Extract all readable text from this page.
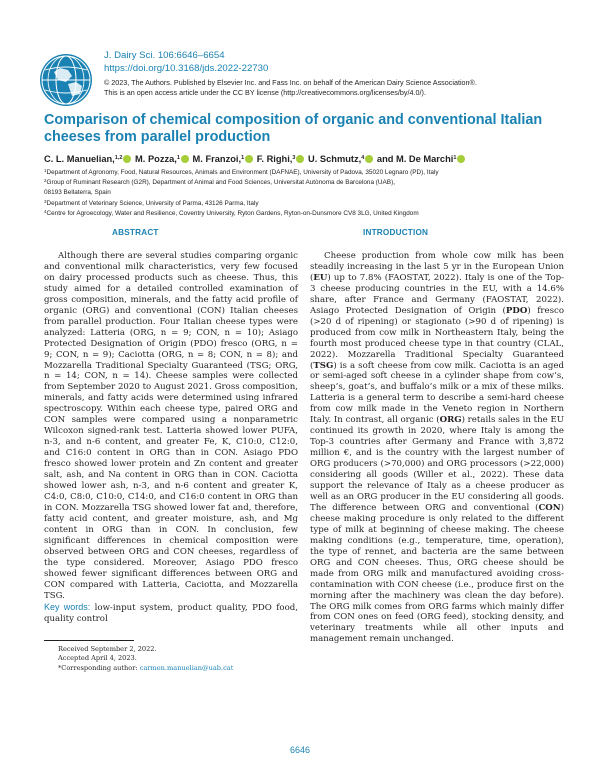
J. Dairy Sci. 106:6646–6654
https://doi.org/10.3168/jds.2022-22730
© 2023, The Authors. Published by Elsevier Inc. and Fass Inc. on behalf of the American Dairy Science Association®.
This is an open access article under the CC BY license (http://creativecommons.org/licenses/by/4.0/).
Comparison of chemical composition of organic and conventional Italian cheeses from parallel production
C. L. Manuelian,$^{1,2}$ M. Pozza,$^1$ M. Franzoi,$^1$ F. Righi,$^3$ U. Schmutz,$^4$ and M. De Marchi$^1$
$^1$Department of Agronomy, Food, Natural Resources, Animals and Environment (DAFNAE), University of Padova, 35020 Legnaro (PD), Italy
$^2$Group of Ruminant Research (G2R), Department of Animal and Food Sciences, Universitat Autònoma de Barcelona (UAB),
08193 Bellaterra, Spain
$^3$Department of Veterinary Science, University of Parma, 43126 Parma, Italy
$^4$Centre for Agroecology, Water and Resilience, Coventry University, Ryton Gardens, Ryton-on-Dunsmore CV8 3LG, United Kingdom
ABSTRACT	INTRODUCTION

Although there are several studies comparing organic and conventional milk characteristics, very few focused on dairy processed products such as cheese. Thus, this study aimed for a detailed controlled examination of gross composition, minerals, and the fatty acid profile of organic (ORG) and conventional (CON) Italian cheeses from parallel production. Four Italian cheese types were analyzed: Latteria (ORG, n = 9; CON, n = 10); Asiago Protected Designation of Origin (PDO) fresco (ORG, n = 9; CON, n = 9); Caciotta (ORG, n = 8; CON, n = 8); and Mozzarella Traditional Specialty Guaranteed (TSG; ORG, n = 14; CON, n = 14). Cheese samples were collected from September 2020 to August 2021. Gross composition, minerals, and fatty acids were determined using infrared spectroscopy. Within each cheese type, paired ORG and CON samples were compared using a nonparametric Wilcoxon signed-rank test. Latteria showed lower PUFA, n-3, and n-6 content, and greater Fe, K, C10:0, C12:0, and C16:0 content in ORG than in CON. Asiago PDO fresco showed lower protein and Zn content and greater salt, ash, and Na content in ORG than in CON. Caciotta showed lower ash, n-3, and n-6 content and greater K, C4:0, C8:0, C10:0, C14:0, and C16:0 content in ORG than in CON. Mozzarella TSG showed lower fat and, therefore, fatty acid content, and greater moisture, ash, and Mg content in ORG than in CON. In conclusion, few significant differences in chemical composition were observed between ORG and CON cheeses, regardless of the type considered. Moreover, Asiago PDO fresco showed fewer significant differences between ORG and CON compared with Latteria, Caciotta, and Mozzarella TSG.

Key words: low-input system, product quality, PDO food, quality control
Received September 2, 2022.
Accepted April 4, 2023.
*Corresponding author: carmen.manuelian@uab.cat

Cheese production from whole cow milk has been steadily increasing in the last 5 yr in the European Union (EU) up to 7.8% (FAOSTAT, 2022). Italy is one of the Top-3 cheese producing countries in the EU, with a 14.6% share, after France and Germany (FAOSTAT, 2022). Asiago Protected Designation of Origin (PDO) fresco (>20 d of ripening) or stagionato (>90 d of ripening) is produced from cow milk in Northeastern Italy, being the fourth most produced cheese type in that country (CLAL, 2022). Mozzarella Traditional Specialty Guaranteed (TSG) is a soft cheese from cow milk. Caciotta is an aged or semi-aged soft cheese in a cylinder shape from cow’s, sheep’s, goat’s, and buffalo’s milk or a mix of these milks. Latteria is a general term to describe a semi-hard cheese from cow milk made in the Veneto region in Northern Italy. In contrast, all organic (ORG) retails sales in the EU continued its growth in 2020, where Italy is among the Top-3 countries after Germany and France with 3,872 million €, and is the country with the largest number of ORG producers (>70,000) and ORG processors (>22,000) considering all goods (Willer et al., 2022). These data support the relevance of Italy as a cheese producer as well as an ORG producer in the EU considering all goods. The difference between ORG and conventional (CON) cheese making procedure is only related to the different type of milk at beginning of cheese making. The cheese making conditions (e.g., temperature, time, operation), the type of rennet, and bacteria are the same between ORG and CON cheeses. Thus, ORG cheese should be made from ORG milk and manufactured avoiding cross-contamination with CON cheese (i.e., produce first on the morning after the machinery was clean the day before). The ORG milk comes from ORG farms which mainly differ from CON ones on feed (ORG feed), stocking density, and veterinary treatments while all other inputs and management remain unchanged.

6646
